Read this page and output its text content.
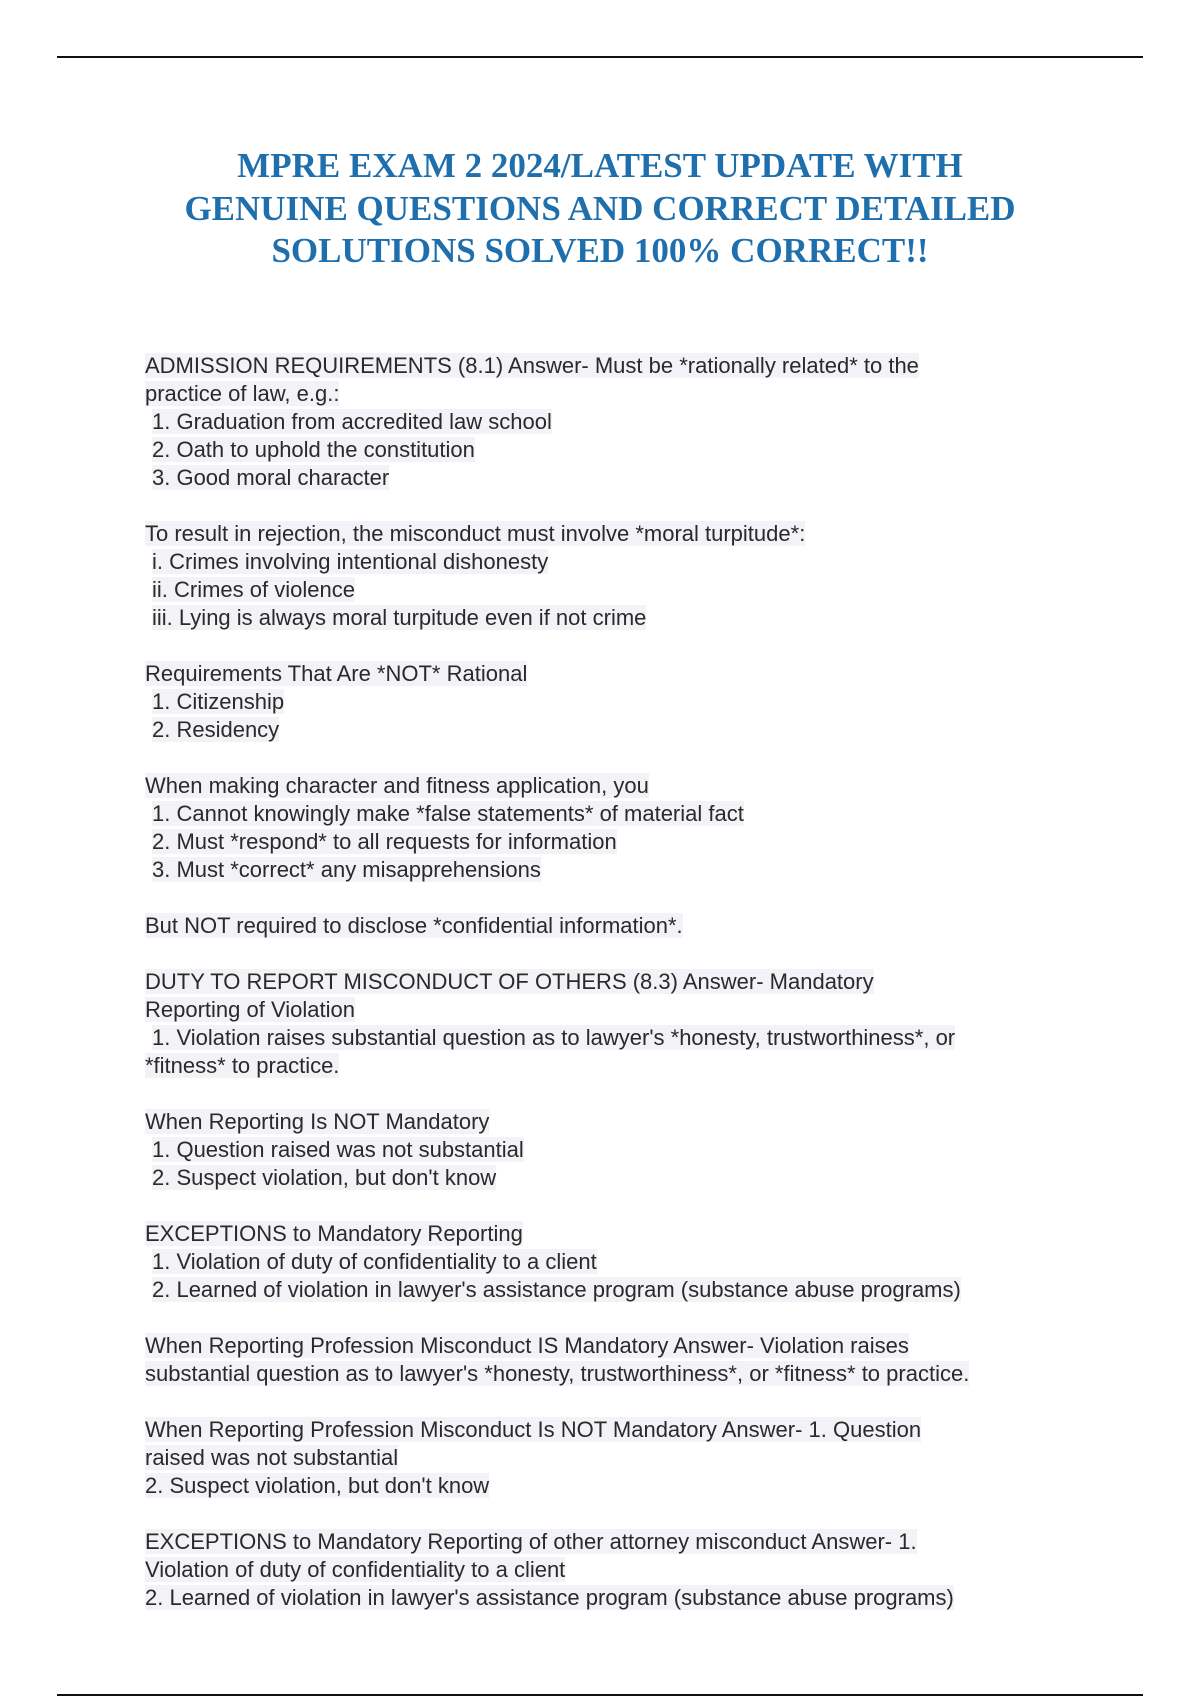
MPRE EXAM 2 2024/LATEST UPDATE WITH
GENUINE QUESTIONS AND CORRECT DETAILED
SOLUTIONS SOLVED 100% CORRECT!!
ADMISSION REQUIREMENTS (8.1) Answer- Must be *rationally related* to the
practice of law, e.g.:
1. Graduation from accredited law school
2. Oath to uphold the constitution
3. Good moral character
To result in rejection, the misconduct must involve *moral turpitude*:
i. Crimes involving intentional dishonesty
ii. Crimes of violence
iii. Lying is always moral turpitude even if not crime
Requirements That Are *NOT* Rational
1. Citizenship
2. Residency
When making character and fitness application, you
1. Cannot knowingly make *false statements* of material fact
2. Must *respond* to all requests for information
3. Must *correct* any misapprehensions
But NOT required to disclose *confidential information*.
DUTY TO REPORT MISCONDUCT OF OTHERS (8.3) Answer- Mandatory
Reporting of Violation
1. Violation raises substantial question as to lawyer's *honesty, trustworthiness*, or
*fitness* to practice.
When Reporting Is NOT Mandatory
1. Question raised was not substantial
2. Suspect violation, but don't know
EXCEPTIONS to Mandatory Reporting
1. Violation of duty of confidentiality to a client
2. Learned of violation in lawyer's assistance program (substance abuse programs)
When Reporting Profession Misconduct IS Mandatory Answer- Violation raises
substantial question as to lawyer's *honesty, trustworthiness*, or *fitness* to practice.
When Reporting Profession Misconduct Is NOT Mandatory Answer- 1. Question
raised was not substantial
2. Suspect violation, but don't know
EXCEPTIONS to Mandatory Reporting of other attorney misconduct Answer- 1.
Violation of duty of confidentiality to a client
2. Learned of violation in lawyer's assistance program (substance abuse programs)
